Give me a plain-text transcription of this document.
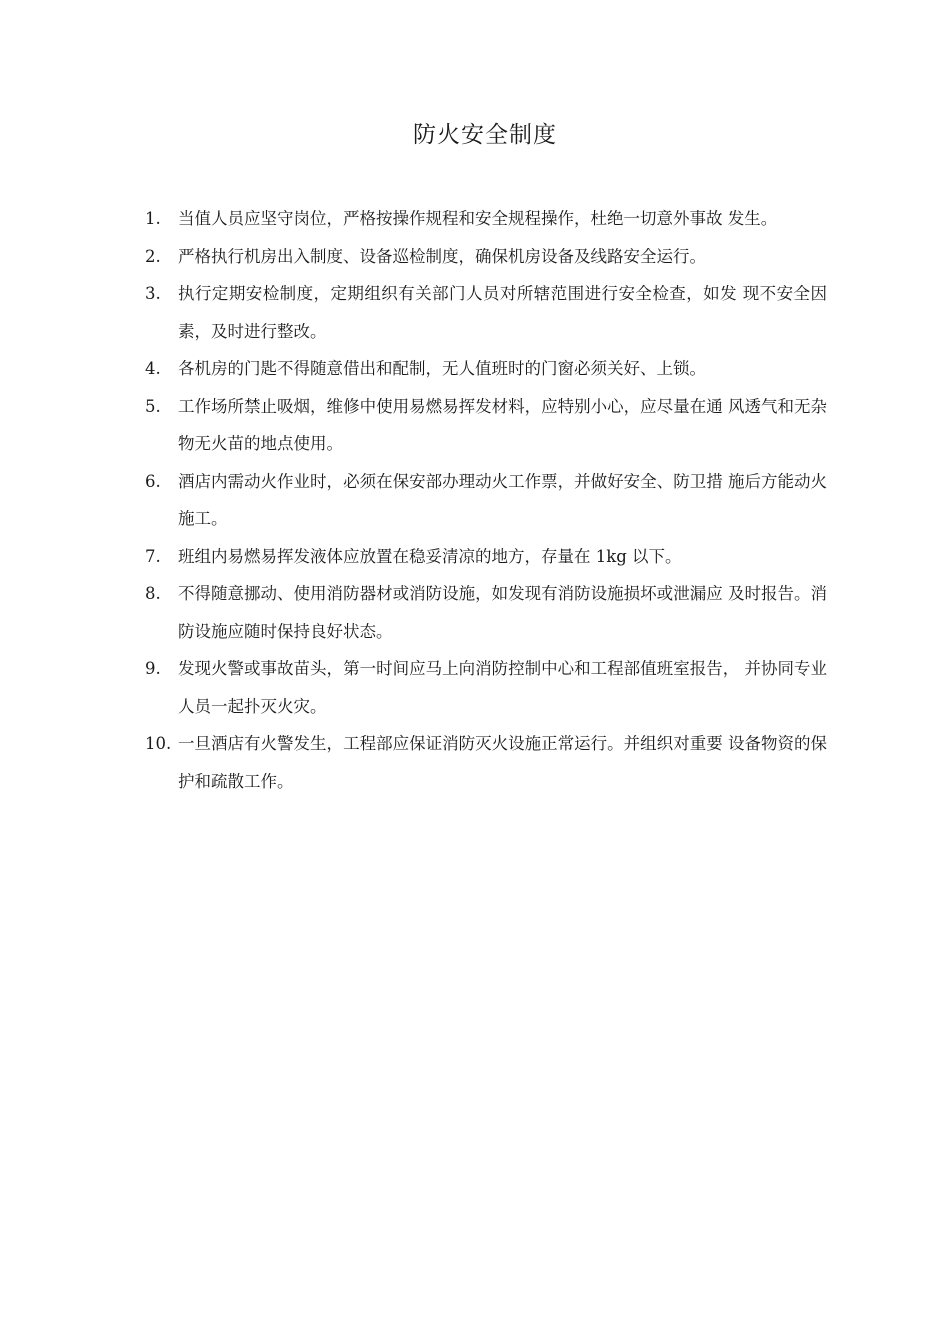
防火安全制度
1.	当值人员应坚守岗位，严格按操作规程和安全规程操作，杜绝一切意外事故 发生。
2.	严格执行机房出入制度、设备巡检制度，确保机房设备及线路安全运行。
3.	执行定期安检制度，定期组织有关部门人员对所辖范围进行安全检查，如发 现不安全因素，及时进行整改。
4.	各机房的门匙不得随意借出和配制，无人值班时的门窗必须关好、上锁。
5.	工作场所禁止吸烟，维修中使用易燃易挥发材料，应特别小心，应尽量在通 风透气和无杂物无火苗的地点使用。
6.	酒店内需动火作业时，必须在保安部办理动火工作票，并做好安全、防卫措 施后方能动火施工。
7.	班组内易燃易挥发液体应放置在稳妥清凉的地方，存量在 1kg 以下。
8.	不得随意挪动、使用消防器材或消防设施，如发现有消防设施损坏或泄漏应 及时报告。消防设施应随时保持良好状态。
9.	发现火警或事故苗头，第一时间应马上向消防控制中心和工程部值班室报告， 并协同专业人员一起扑灭火灾。
10. 一旦酒店有火警发生，工程部应保证消防灭火设施正常运行。并组织对重要 设备物资的保护和疏散工作。
